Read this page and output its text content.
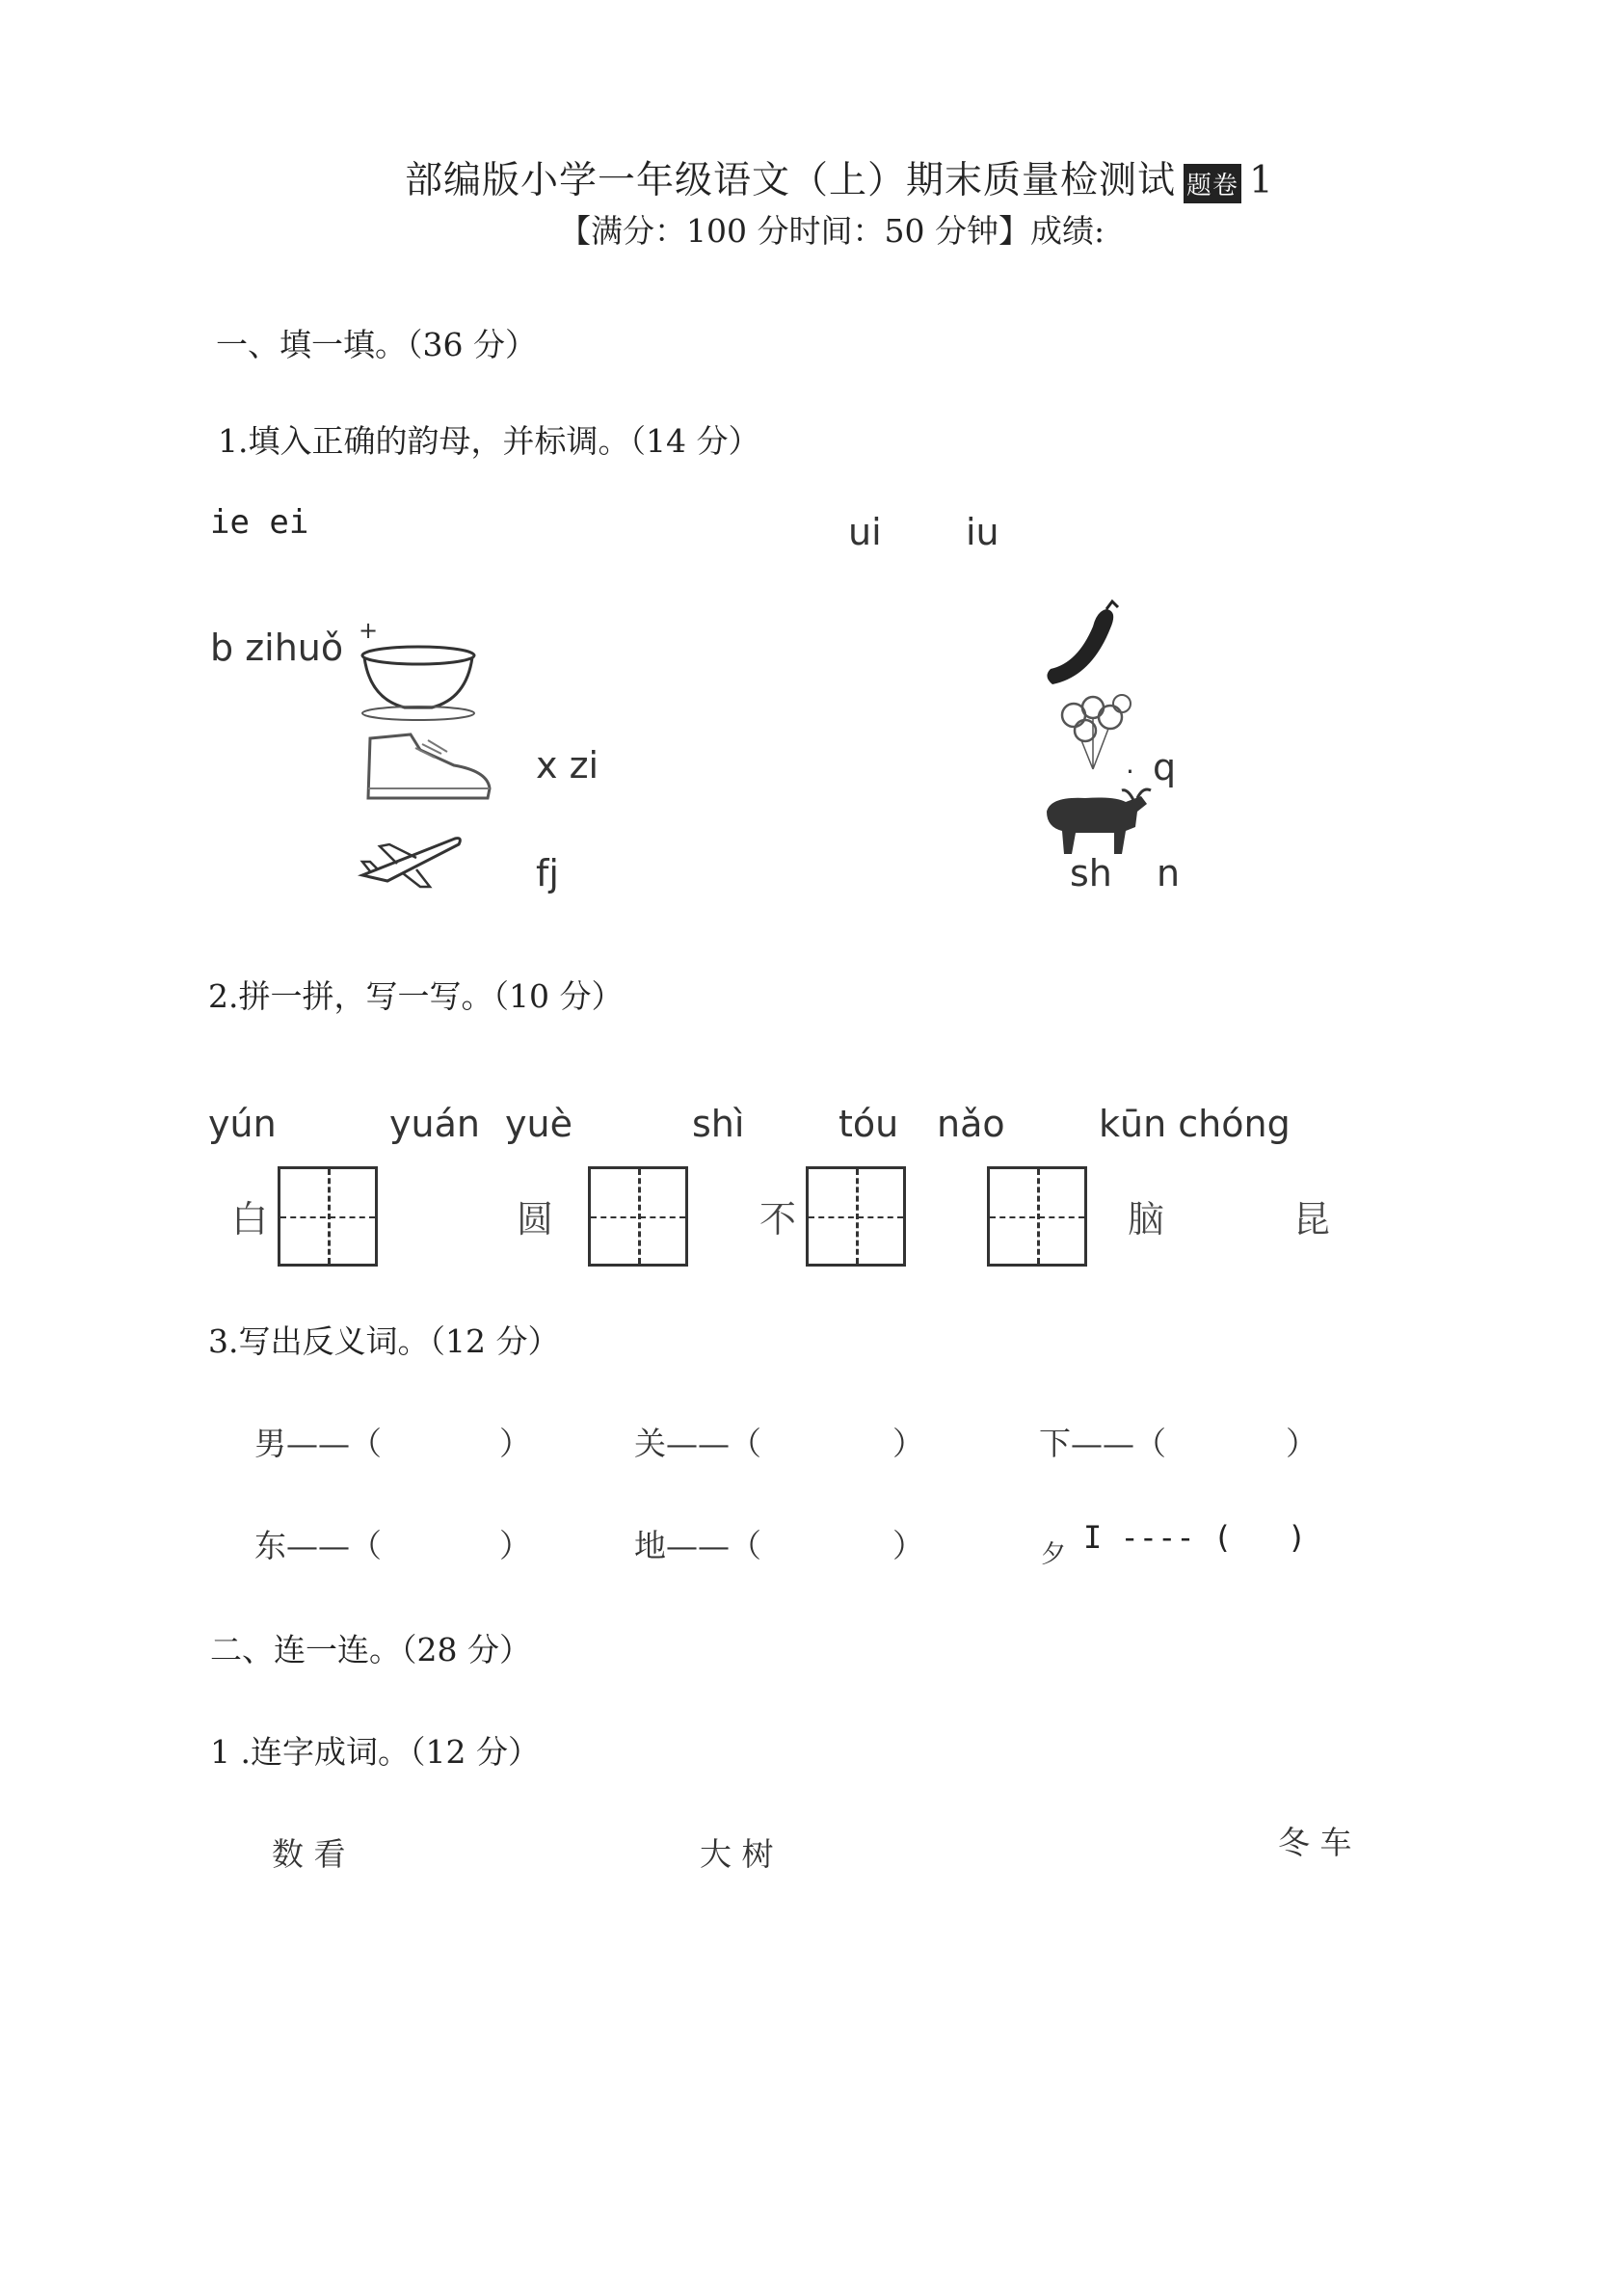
部编版小学一年级语文（上）期末质量检测试 题卷 1
【满分：100 分时间：50 分钟】成绩:
一、填一填。（36 分）
1.填入正确的韵母，并标调。（14 分）
ie ei	ui iu
b zihuǒ +
x zi
fj
· q
sh n
2.拼一拼，写一写。（10 分）
yún	yuán yuè	shì	tóu nǎo	kūn chóng
白	圆	不	脑	昆
3.写出反义词。（12 分）
男——（	）	关——（	）	下——（	）
东——（	）	地——（	）	夕 I ---- ( )
二、连一连。（28 分）
1 .连字成词。（12 分）
数 看	大 树	冬 车
